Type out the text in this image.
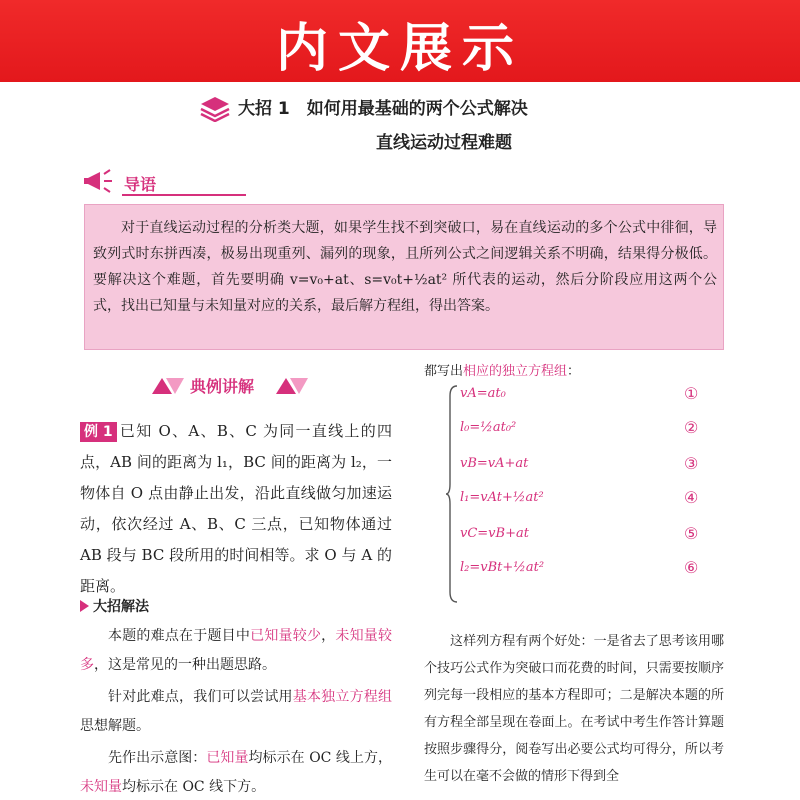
内文展示
大招 1　如何用最基础的两个公式解决
直线运动过程难题
导语

对于直线运动过程的分析类大题，如果学生找不到突破口，易在直线运动的多个公式中徘徊，导致列式时东拼西凑，极易出现重列、漏列的现象，且所列公式之间逻辑关系不明确，结果得分极低。要解决这个难题，首先要明确 v=v₀+at、s=v₀t+½at² 所代表的运动，然后分阶段应用这两个公式，找出已知量与未知量对应的关系，最后解方程组，得出答案。

典例讲解

例 1 已知 O、A、B、C 为同一直线上的四点，AB 间的距离为 l₁，BC 间的距离为 l₂，一物体自 O 点由静止出发，沿此直线做匀加速运动，依次经过 A、B、C 三点，已知物体通过 AB 段与 BC 段所用的时间相等。求 O 与 A 的距离。

大招解法

本题的难点在于题目中已知量较少，未知量较多，这是常见的一种出题思路。

针对此难点，我们可以尝试用基本独立方程组思想解题。

先作出示意图：已知量均标示在 OC 线上方，未知量均标示在 OC 线下方。

都写出相应的独立方程组：
vA=at₀	①
l₀=½at₀²	②
vB=vA+at	③
l₁=vAt+½at²	④
vC=vB+at	⑤
l₂=vBt+½at²	⑥

这样列方程有两个好处：一是省去了思考该用哪个技巧公式作为突破口而花费的时间，只需要按顺序列完每一段相应的基本方程即可；二是解决本题的所有方程全部呈现在卷面上。在考试中考生作答计算题按照步骤得分，阅卷写出必要公式均可得分，所以考生可以在毫不会做的情形下得到全
